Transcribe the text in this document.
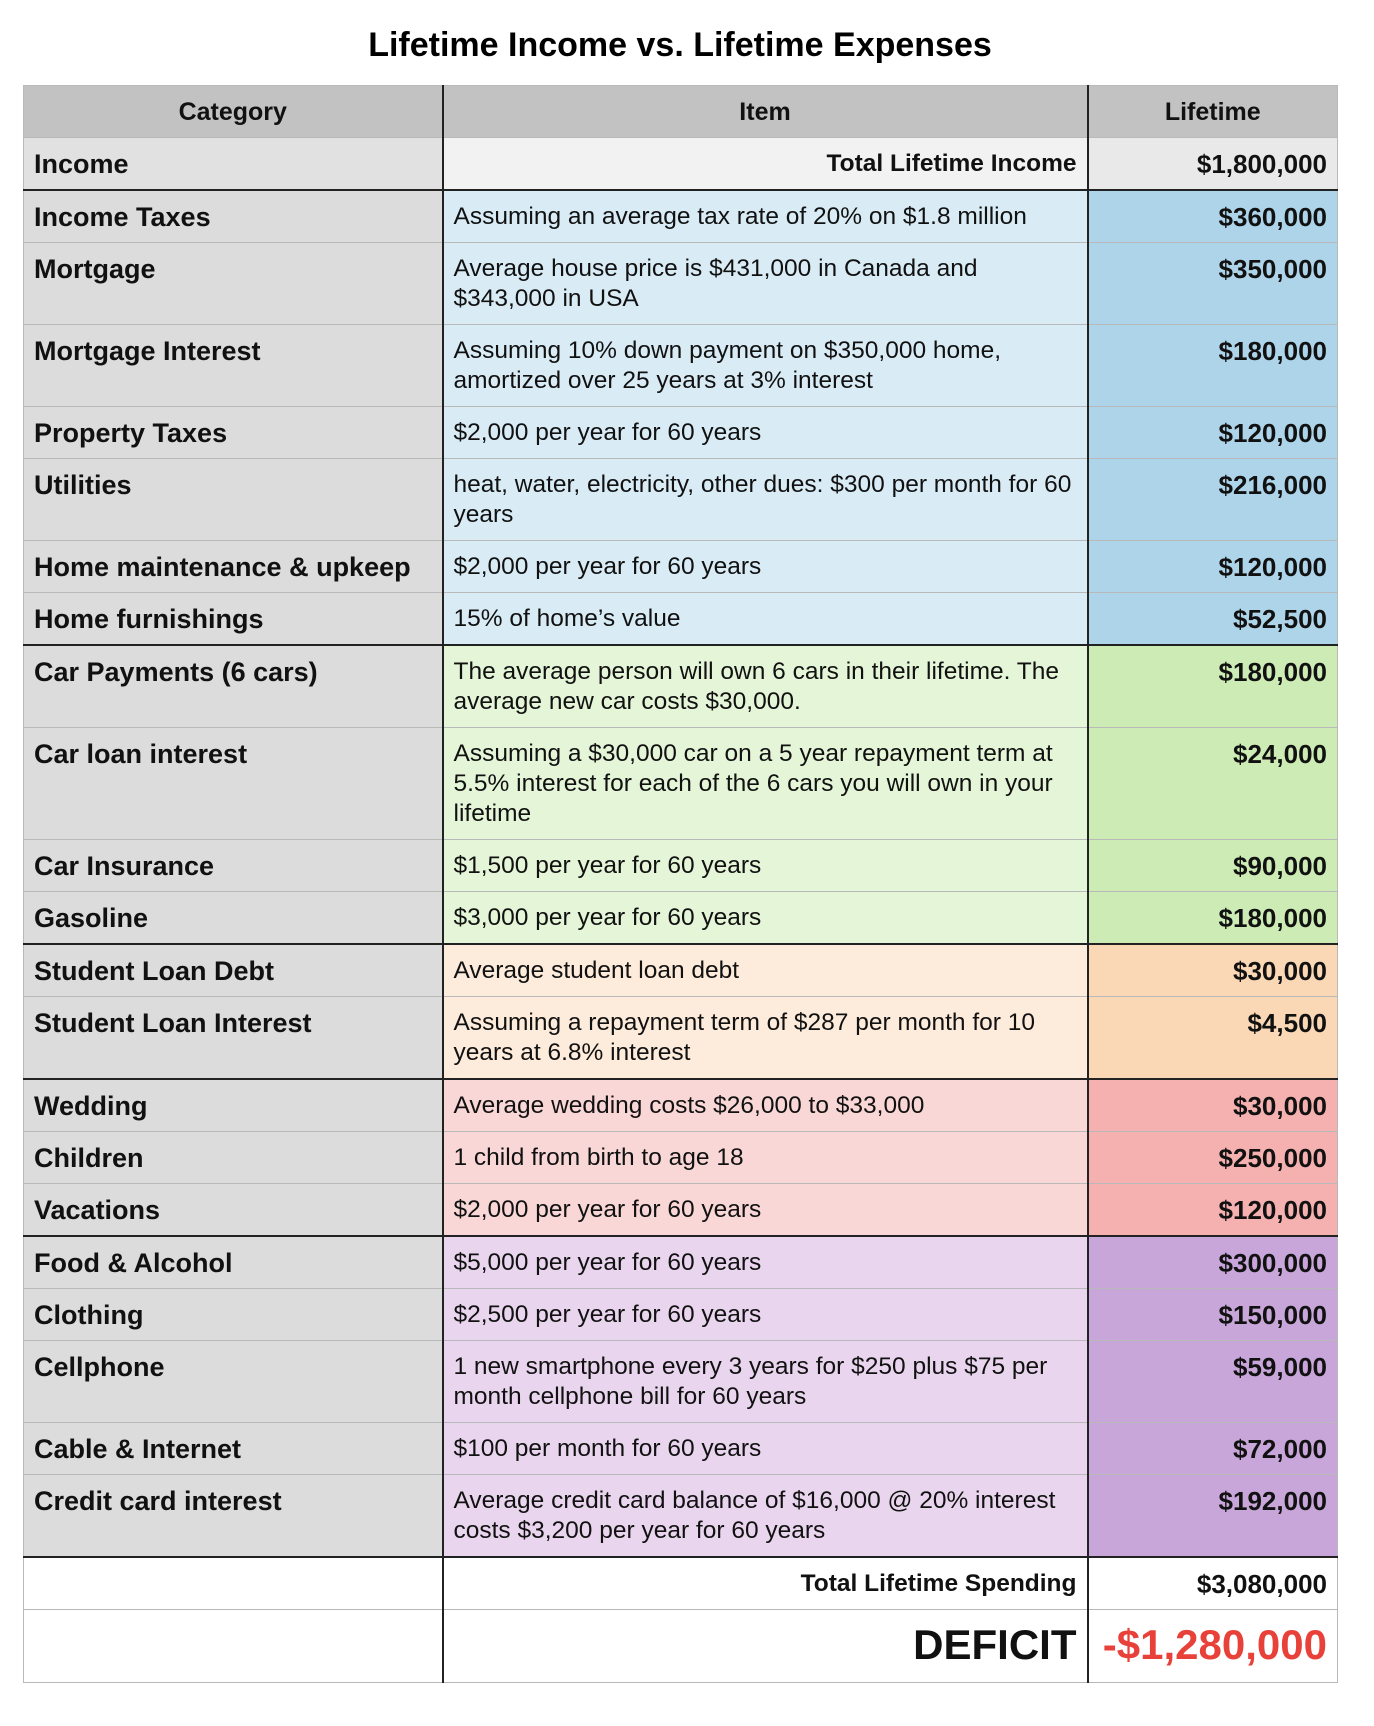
Lifetime Income vs. Lifetime Expenses
Category	Item	Lifetime
Income	Total Lifetime Income	$1,800,000
Income Taxes	Assuming an average tax rate of 20% on $1.8 million	$360,000
Mortgage	Average house price is $431,000 in Canada and $343,000 in USA	$350,000
Mortgage Interest	Assuming 10% down payment on $350,000 home, amortized over 25 years at 3% interest	$180,000
Property Taxes	$2,000 per year for 60 years	$120,000
Utilities	heat, water, electricity, other dues: $300 per month for 60 years	$216,000
Home maintenance & upkeep	$2,000 per year for 60 years	$120,000
Home furnishings	15% of home’s value	$52,500
Car Payments (6 cars)	The average person will own 6 cars in their lifetime. The average new car costs $30,000.	$180,000
Car loan interest	Assuming a $30,000 car on a 5 year repayment term at 5.5% interest for each of the 6 cars you will own in your lifetime	$24,000
Car Insurance	$1,500 per year for 60 years	$90,000
Gasoline	$3,000 per year for 60 years	$180,000
Student Loan Debt	Average student loan debt	$30,000
Student Loan Interest	Assuming a repayment term of $287 per month for 10 years at 6.8% interest	$4,500
Wedding	Average wedding costs $26,000 to $33,000	$30,000
Children	1 child from birth to age 18	$250,000
Vacations	$2,000 per year for 60 years	$120,000
Food & Alcohol	$5,000 per year for 60 years	$300,000
Clothing	$2,500 per year for 60 years	$150,000
Cellphone	1 new smartphone every 3 years for $250 plus $75 per month cellphone bill for 60 years	$59,000
Cable & Internet	$100 per month for 60 years	$72,000
Credit card interest	Average credit card balance of $16,000 @ 20% interest costs $3,200 per year for 60 years	$192,000
	Total Lifetime Spending	$3,080,000
	DEFICIT	-$1,280,000
